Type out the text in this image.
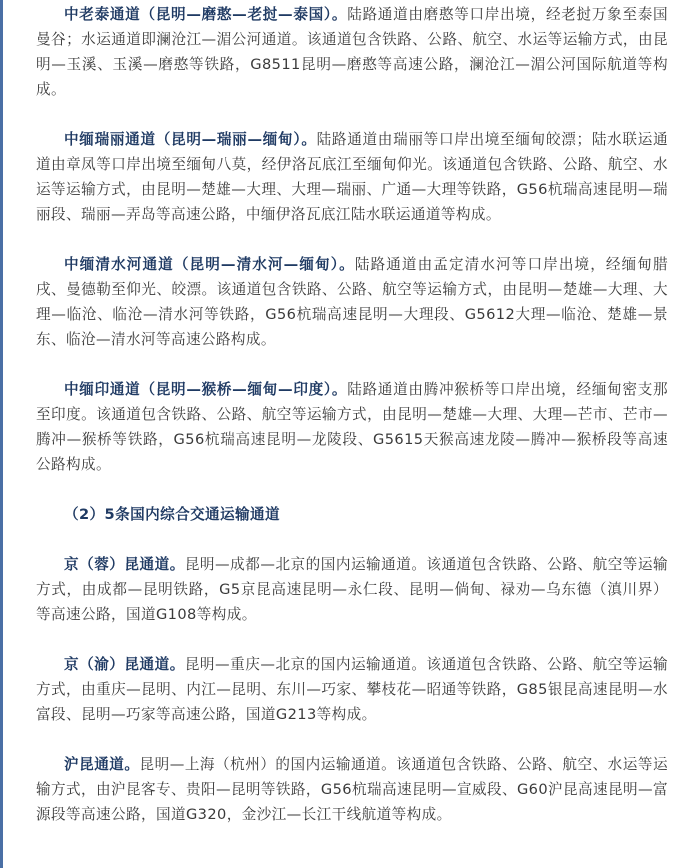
中老泰通道（昆明—磨憨—老挝—泰国）。陆路通道由磨憨等口岸出境，经老挝万象至泰国曼谷；水运通道即澜沧江—湄公河通道。该通道包含铁路、公路、航空、水运等运输方式，由昆明—玉溪、玉溪—磨憨等铁路，G8511昆明—磨憨等高速公路，澜沧江—湄公河国际航道等构成。

中缅瑞丽通道（昆明—瑞丽—缅甸）。陆路通道由瑞丽等口岸出境至缅甸皎漂；陆水联运通道由章凤等口岸出境至缅甸八莫，经伊洛瓦底江至缅甸仰光。该通道包含铁路、公路、航空、水运等运输方式，由昆明—楚雄—大理、大理—瑞丽、广通—大理等铁路，G56杭瑞高速昆明—瑞丽段、瑞丽—弄岛等高速公路，中缅伊洛瓦底江陆水联运通道等构成。

中缅清水河通道（昆明—清水河—缅甸）。陆路通道由孟定清水河等口岸出境，经缅甸腊戌、曼德勒至仰光、皎漂。该通道包含铁路、公路、航空等运输方式，由昆明—楚雄—大理、大理—临沧、临沧—清水河等铁路，G56杭瑞高速昆明—大理段、G5612大理—临沧、楚雄—景东、临沧—清水河等高速公路构成。

中缅印通道（昆明—猴桥—缅甸—印度）。陆路通道由腾冲猴桥等口岸出境，经缅甸密支那至印度。该通道包含铁路、公路、航空等运输方式，由昆明—楚雄—大理、大理—芒市、芒市—腾冲—猴桥等铁路，G56杭瑞高速昆明—龙陵段、G5615天猴高速龙陵—腾冲—猴桥段等高速公路构成。

（2）5条国内综合交通运输通道

京（蓉）昆通道。昆明—成都—北京的国内运输通道。该通道包含铁路、公路、航空等运输方式，由成都—昆明铁路，G5京昆高速昆明—永仁段、昆明—倘甸、禄劝—乌东德（滇川界）等高速公路，国道G108等构成。

京（渝）昆通道。昆明—重庆—北京的国内运输通道。该通道包含铁路、公路、航空等运输方式，由重庆—昆明、内江—昆明、东川—巧家、攀枝花—昭通等铁路，G85银昆高速昆明—水富段、昆明—巧家等高速公路，国道G213等构成。

沪昆通道。昆明—上海（杭州）的国内运输通道。该通道包含铁路、公路、航空、水运等运输方式，由沪昆客专、贵阳—昆明等铁路，G56杭瑞高速昆明—宣威段、G60沪昆高速昆明—富源段等高速公路，国道G320，金沙江—长江干线航道等构成。
